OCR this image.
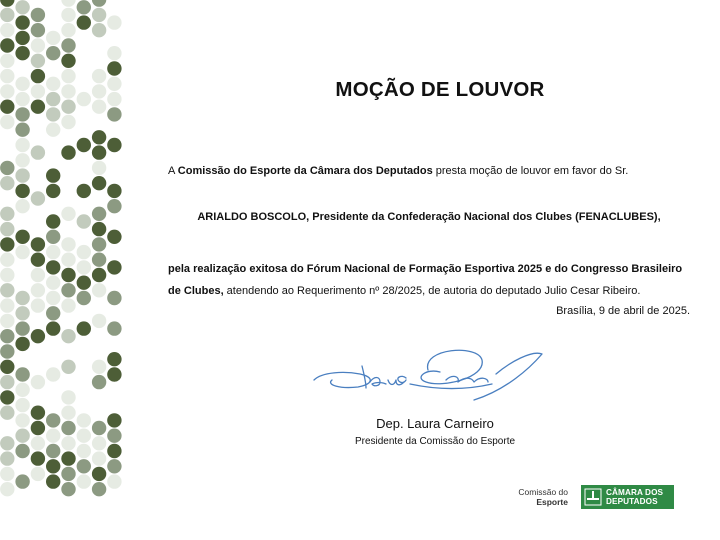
MOÇÃO DE LOUVOR
A Comissão do Esporte da Câmara dos Deputados presta moção de louvor em favor do Sr.
ARIALDO BOSCOLO, Presidente da Confederação Nacional dos Clubes (FENACLUBES),
pela realização exitosa do Fórum Nacional de Formação Esportiva 2025 e do Congresso Brasileiro de Clubes, atendendo ao Requerimento nº 28/2025, de autoria do deputado Julio Cesar Ribeiro.
Brasília, 9 de abril de 2025.
Dep. Laura Carneiro
Presidente da Comissão do Esporte
Comissão do
Esporte
CÂMARA DOS
DEPUTADOS
